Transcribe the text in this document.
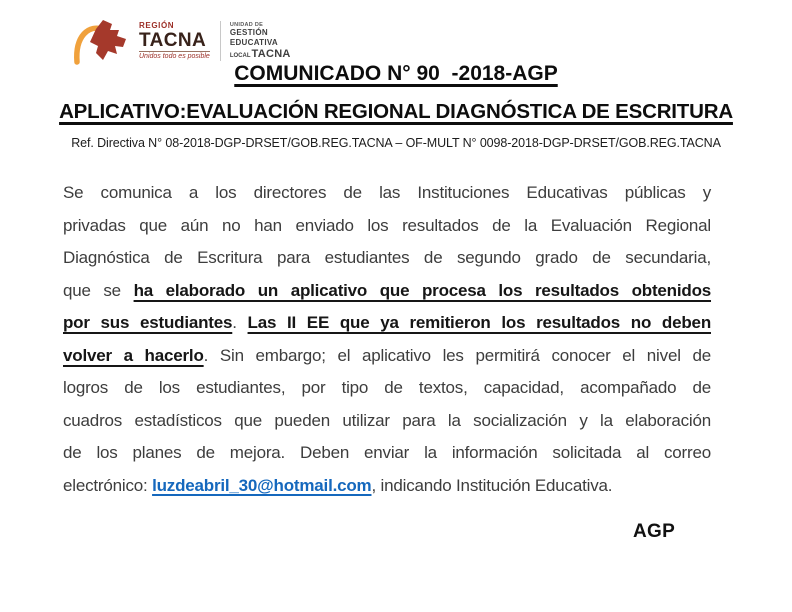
REGIÓN
TACNA
Unidos todo es posible
UNIDAD DE
GESTIÓN
EDUCATIVA
LOCAL TACNA
COMUNICADO N° 90  -2018-AGP
APLICATIVO:EVALUACIÓN REGIONAL DIAGNÓSTICA DE ESCRITURA
Ref. Directiva N° 08-2018-DGP-DRSET/GOB.REG.TACNA – OF-MULT N° 0098-2018-DGP-DRSET/GOB.REG.TACNA
Se comunica a los directores de las Instituciones Educativas públicas y
privadas que aún no han enviado los resultados de la Evaluación Regional
Diagnóstica de Escritura para estudiantes de segundo grado de secundaria,
que se ha elaborado un aplicativo que procesa los resultados obtenidos
por sus estudiantes. Las II EE que ya remitieron los resultados no deben
volver a hacerlo. Sin embargo; el aplicativo les permitirá conocer el nivel de
logros de los estudiantes, por tipo de textos, capacidad, acompañado de
cuadros estadísticos que pueden utilizar para la socialización y la elaboración
de los planes de mejora. Deben enviar la información solicitada al correo
electrónico: luzdeabril_30@hotmail.com, indicando Institución Educativa.
AGP
